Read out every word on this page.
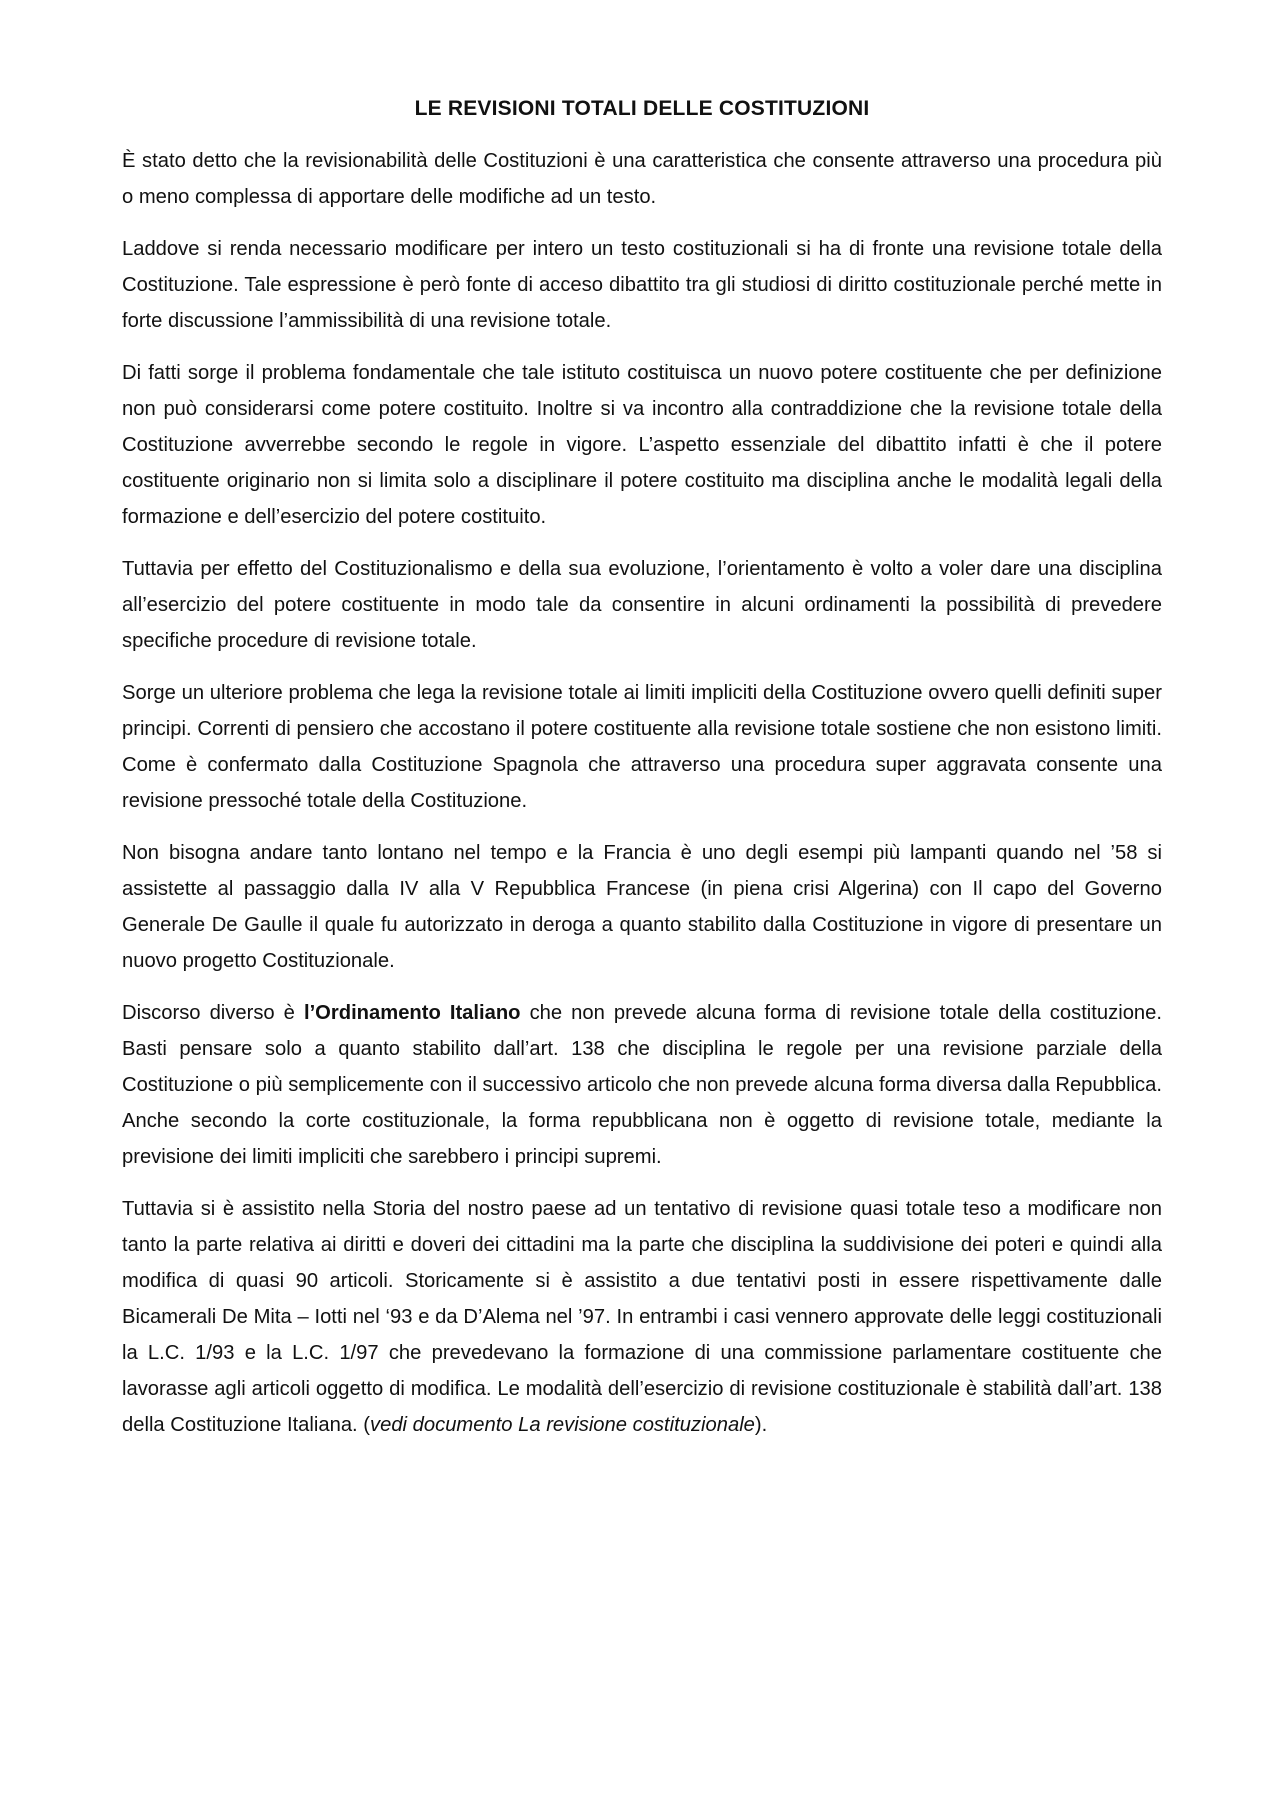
LE REVISIONI TOTALI DELLE COSTITUZIONI

È stato detto che la revisionabilità delle Costituzioni è una caratteristica che consente attraverso una procedura più o meno complessa di apportare delle modifiche ad un testo.

Laddove si renda necessario modificare per intero un testo costituzionali si ha di fronte una revisione totale della Costituzione. Tale espressione è però fonte di acceso dibattito tra gli studiosi di diritto costituzionale perché mette in forte discussione l’ammissibilità di una revisione totale.

Di fatti sorge il problema fondamentale che tale istituto costituisca un nuovo potere costituente che per definizione non può considerarsi come potere costituito. Inoltre si va incontro alla contraddizione che la revisione totale della Costituzione avverrebbe secondo le regole in vigore. L’aspetto essenziale del dibattito infatti è che il potere costituente originario non si limita solo a disciplinare il potere costituito ma disciplina anche le modalità legali della formazione e dell’esercizio del potere costituito.

Tuttavia per effetto del Costituzionalismo e della sua evoluzione, l’orientamento è volto a voler dare una disciplina all’esercizio del potere costituente in modo tale da consentire in alcuni ordinamenti la possibilità di prevedere specifiche procedure di revisione totale.

Sorge un ulteriore problema che lega la revisione totale ai limiti impliciti della Costituzione ovvero quelli definiti super principi. Correnti di pensiero che accostano il potere costituente alla revisione totale sostiene che non esistono limiti. Come è confermato dalla Costituzione Spagnola che attraverso una procedura super aggravata consente una revisione pressoché totale della Costituzione.

Non bisogna andare tanto lontano nel tempo e la Francia è uno degli esempi più lampanti quando nel ’58 si assistette al passaggio dalla IV alla V Repubblica Francese (in piena crisi Algerina) con Il capo del Governo Generale De Gaulle il quale fu autorizzato in deroga a quanto stabilito dalla Costituzione in vigore di presentare un nuovo progetto Costituzionale.

Discorso diverso è l’Ordinamento Italiano che non prevede alcuna forma di revisione totale della costituzione. Basti pensare solo a quanto stabilito dall’art. 138 che disciplina le regole per una revisione parziale della Costituzione o più semplicemente con il successivo articolo che non prevede alcuna forma diversa dalla Repubblica. Anche secondo la corte costituzionale, la forma repubblicana non è oggetto di revisione totale, mediante la previsione dei limiti impliciti che sarebbero i principi supremi.

Tuttavia si è assistito nella Storia del nostro paese ad un tentativo di revisione quasi totale teso a modificare non tanto la parte relativa ai diritti e doveri dei cittadini ma la parte che disciplina la suddivisione dei poteri e quindi alla modifica di quasi 90 articoli. Storicamente si è assistito a due tentativi posti in essere rispettivamente dalle Bicamerali De Mita – Iotti nel ‘93 e da D’Alema nel ’97. In entrambi i casi vennero approvate delle leggi costituzionali la L.C. 1/93 e la L.C. 1/97 che prevedevano la formazione di una commissione parlamentare costituente che lavorasse agli articoli oggetto di modifica. Le modalità dell’esercizio di revisione costituzionale è stabilità dall’art. 138 della Costituzione Italiana. (vedi documento La revisione costituzionale).
